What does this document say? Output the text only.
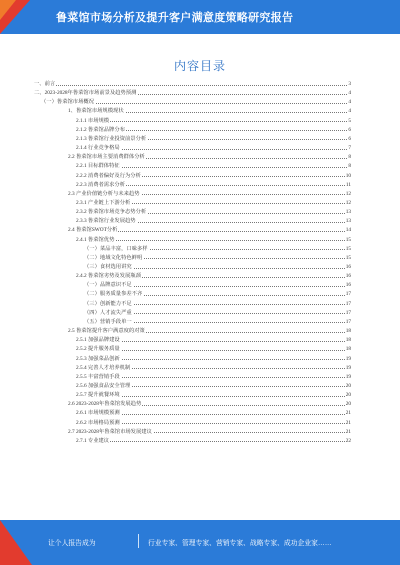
鲁菜馆市场分析及提升客户满意度策略研究报告
内容目录
一、前言	3
二、2023-2028年鲁菜馆市场前景及趋势预测	4
（一）鲁菜馆市场概况	4
1、鲁菜馆市场规模现状	4
2.1.1 市场规模	5
2.1.2 鲁菜馆品牌分布	6
2.1.3 鲁菜馆行业投资前景分析	6
2.1.4 行业竞争格局	7
2.2 鲁菜馆市场主要消费群体分析	8
2.2.1 目标群体特征	8
2.2.2 消费者偏好及行为分析	10
2.2.3 消费者需求分析	11
2.3 产业价值链分析与未来趋势	12
2.3.1 产业链上下游分析	12
2.3.2 鲁菜馆市场竞争态势分析	13
2.3.3 鲁菜馆行业发展趋势	13
2.4 鲁菜馆SWOT分析	14
2.4.1 鲁菜馆优势	15
（一）菜品丰富，口味多样	15
（二）地域文化特色鲜明	15
（三）食材选用讲究	16
2.4.2 鲁菜馆劣势及发展瓶颈	16
（一）品牌意识不足	16
（二）服务质量参差不齐	17
（三）创新能力不足	17
（四）人才流失严重	17
（五）营销手段单一	17
2.5 鲁菜馆提升客户满意度的对策	18
2.5.1 加强品牌建设	18
2.5.2 提升服务质量	18
2.5.3 加强菜品创新	19
2.5.4 完善人才培养机制	19
2.5.5 丰富营销手段	19
2.5.6 加强食品安全管理	20
2.5.7 提升就餐环境	20
2.6 2023-2028年鲁菜馆发展趋势	20
2.6.1 市场规模预测	21
2.6.2 市场格局预测	21
2.7 2023-2028年鲁菜馆市场发展建议	21
2.7.1 专业建议	22
让个人报告成为	行业专家、管理专家、营销专家、战略专家、成功企业家……
